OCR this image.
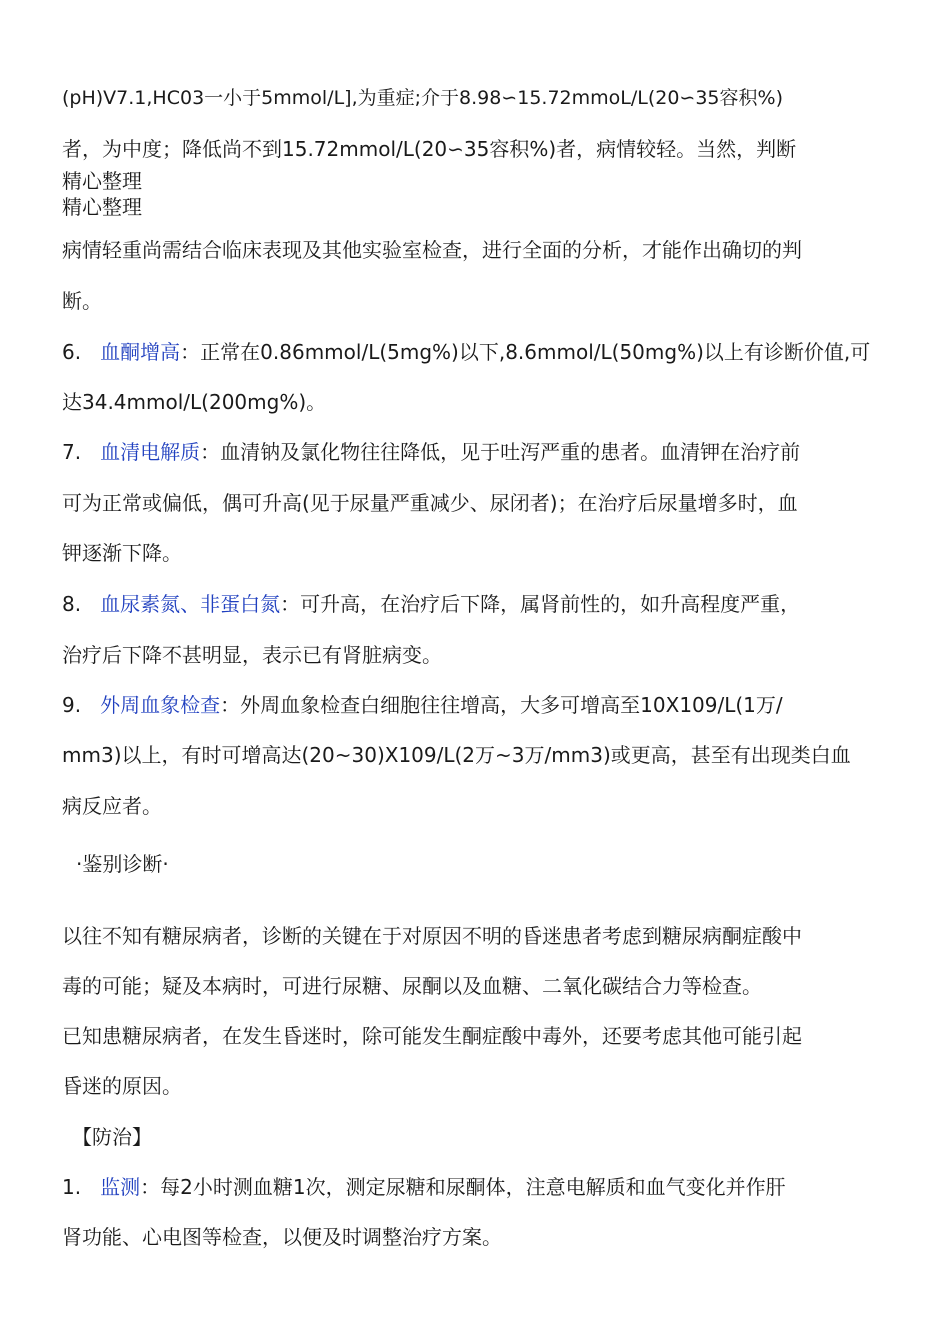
(pH)V7.1,HC03一小于5mmol/L],为重症;介于8.98∽15.72mmoL/L(20∽35容积%)
者，为中度；降低尚不到15.72mmol/L(20∽35容积%)者，病情较轻。当然，判断
精心整理
精心整理
病情轻重尚需结合临床表现及其他实验室检查，进行全面的分析，才能作出确切的判
断。
6. 血酮增高：正常在0.86mmol/L(5mg%)以下,8.6mmol/L(50mg%)以上有诊断价值,可
达34.4mmol/L(200mg%)。
7. 血清电解质：血清钠及氯化物往往降低，见于吐泻严重的患者。血清钾在治疗前
可为正常或偏低，偶可升高(见于尿量严重减少、尿闭者)；在治疗后尿量增多时，血
钾逐渐下降。
8. 血尿素氮、非蛋白氮：可升高，在治疗后下降，属肾前性的，如升高程度严重，
治疗后下降不甚明显，表示已有肾脏病变。
9. 外周血象检查：外周血象检查白细胞往往增高，大多可增高至10X109/L(1万/
mm3)以上，有时可增高达(20~30)X109/L(2万~3万/mm3)或更高，甚至有出现类白血
病反应者。
·鉴别诊断·
以往不知有糖尿病者，诊断的关键在于对原因不明的昏迷患者考虑到糖尿病酮症酸中
毒的可能；疑及本病时，可进行尿糖、尿酮以及血糖、二氧化碳结合力等检查。
已知患糖尿病者，在发生昏迷时，除可能发生酮症酸中毒外，还要考虑其他可能引起
昏迷的原因。
【防治】
1. 监测：每2小时测血糖1次，测定尿糖和尿酮体，注意电解质和血气变化并作肝
肾功能、心电图等检查，以便及时调整治疗方案。
